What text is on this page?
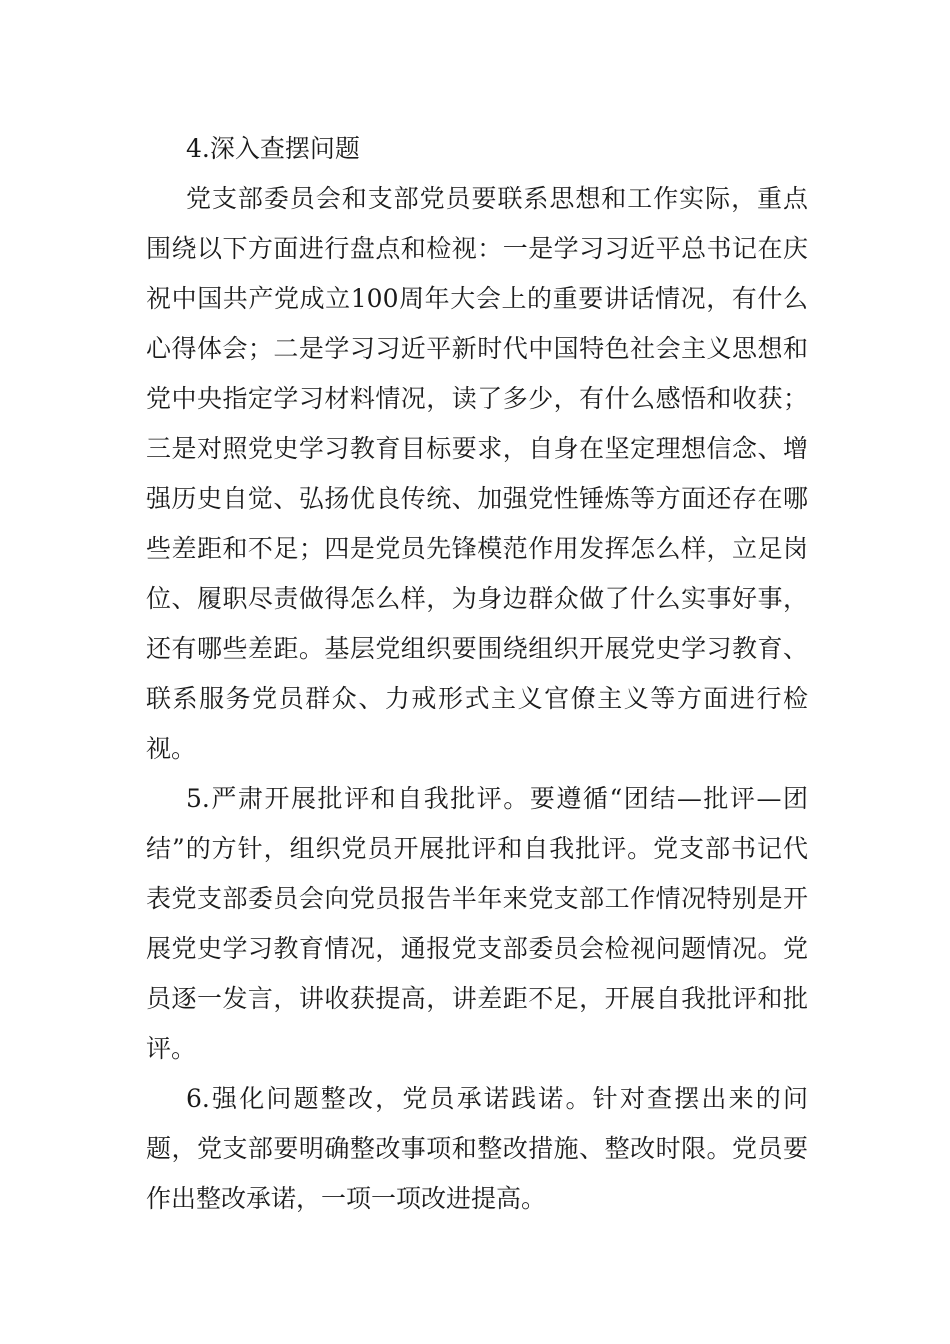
4.深入查摆问题

党支部委员会和支部党员要联系思想和工作实际，重点围绕以下方面进行盘点和检视：一是学习习近平总书记在庆祝中国共产党成立100周年大会上的重要讲话情况，有什么心得体会；二是学习习近平新时代中国特色社会主义思想和党中央指定学习材料情况，读了多少，有什么感悟和收获；三是对照党史学习教育目标要求，自身在坚定理想信念、增强历史自觉、弘扬优良传统、加强党性锤炼等方面还存在哪些差距和不足；四是党员先锋模范作用发挥怎么样，立足岗位、履职尽责做得怎么样，为身边群众做了什么实事好事，还有哪些差距。基层党组织要围绕组织开展党史学习教育、联系服务党员群众、力戒形式主义官僚主义等方面进行检视。

5.严肃开展批评和自我批评。要遵循“团结—批评—团结”的方针，组织党员开展批评和自我批评。党支部书记代表党支部委员会向党员报告半年来党支部工作情况特别是开展党史学习教育情况，通报党支部委员会检视问题情况。党员逐一发言，讲收获提高，讲差距不足，开展自我批评和批评。

6.强化问题整改，党员承诺践诺。针对查摆出来的问题，党支部要明确整改事项和整改措施、整改时限。党员要作出整改承诺，一项一项改进提高。
